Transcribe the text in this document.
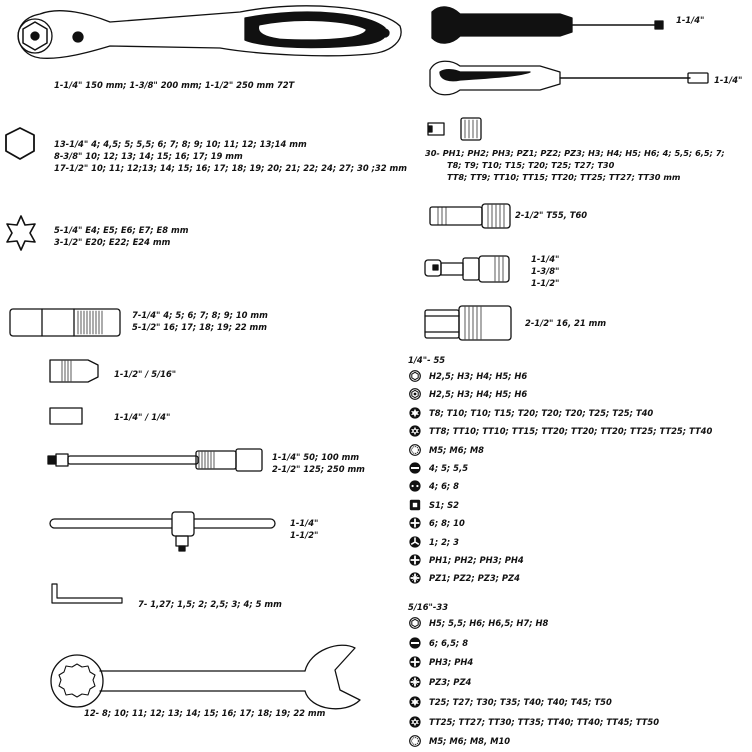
1-1/4" 150 mm; 1-3/8" 200 mm; 1-1/2" 250 mm 72T
13-1/4" 4; 4,5; 5; 5,5; 6; 7; 8; 9; 10; 11; 12; 13;14 mm
8-3/8" 10; 12; 13; 14; 15; 16; 17; 19 mm
17-1/2" 10; 11; 12;13; 14; 15; 16; 17; 18; 19; 20; 21; 22; 24; 27; 30 ;32 mm
5-1/4" E4; E5; E6; E7; E8 mm
3-1/2" E20; E22; E24 mm
7-1/4" 4; 5; 6; 7; 8; 9; 10 mm
5-1/2" 16; 17; 18; 19; 22 mm
1-1/2" / 5/16"
1-1/4" / 1/4"
1-1/4" 50; 100 mm
2-1/2" 125; 250 mm
1-1/4"
1-1/2"
7- 1,27; 1,5; 2; 2,5; 3; 4; 5 mm
12- 8; 10; 11; 12; 13; 14; 15; 16; 17; 18; 19; 22 mm
1-1/4"
1-1/4"
30- PH1; PH2; PH3; PZ1; PZ2; PZ3; H3; H4; H5; H6; 4; 5,5; 6,5; 7;
T8; T9; T10; T15; T20; T25; T27; T30
TT8; TT9; TT10; TT15; TT20; TT25; TT27; TT30 mm
2-1/2" T55, T60
1-1/4"
1-3/8"
1-1/2"
2-1/2" 16, 21 mm
1/4"- 55
H2,5; H3; H4; H5; H6
H2,5; H3; H4; H5; H6
T8; T10; T10; T15; T20; T20; T20; T25; T25; T40
TT8; TT10; TT10; TT15; TT20; TT20; TT20; TT25; TT25; TT40
M5; M6; M8
4; 5; 5,5
4; 6; 8
S1; S2
6; 8; 10
1; 2; 3
PH1; PH2; PH3; PH4
PZ1; PZ2; PZ3; PZ4
5/16"-33
H5; 5,5; H6; H6,5; H7; H8
6; 6,5; 8
PH3; PH4
PZ3; PZ4
T25; T27; T30; T35; T40; T40; T45; T50
TT25; TT27; TT30; TT35; TT40; TT40; TT45; TT50
M5; M6; M8, M10
